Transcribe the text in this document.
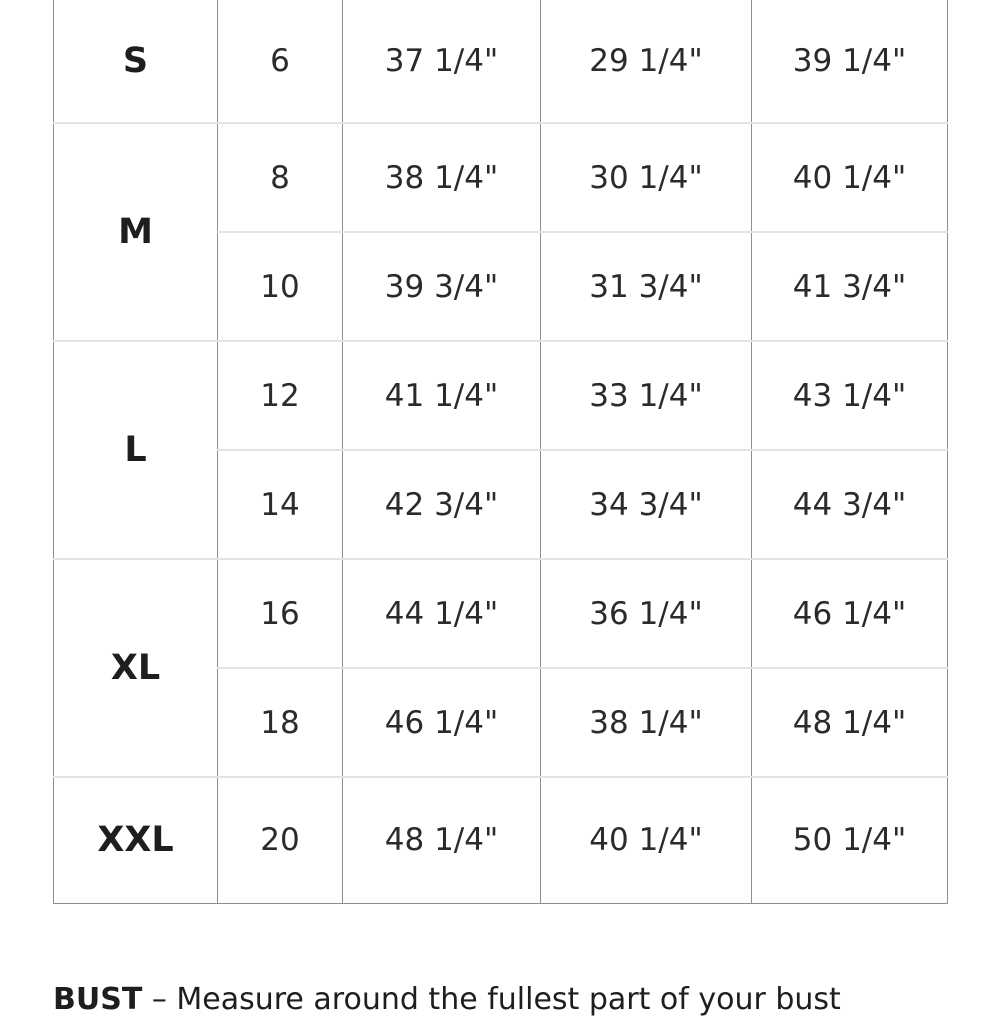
S	6	37 1/4"	29 1/4"	39 1/4"
M	8	38 1/4"	30 1/4"	40 1/4"
	10	39 3/4"	31 3/4"	41 3/4"
L	12	41 1/4"	33 1/4"	43 1/4"
	14	42 3/4"	34 3/4"	44 3/4"
XL	16	44 1/4"	36 1/4"	46 1/4"
	18	46 1/4"	38 1/4"	48 1/4"
XXL	20	48 1/4"	40 1/4"	50 1/4"
BUST – Measure around the fullest part of your bust
